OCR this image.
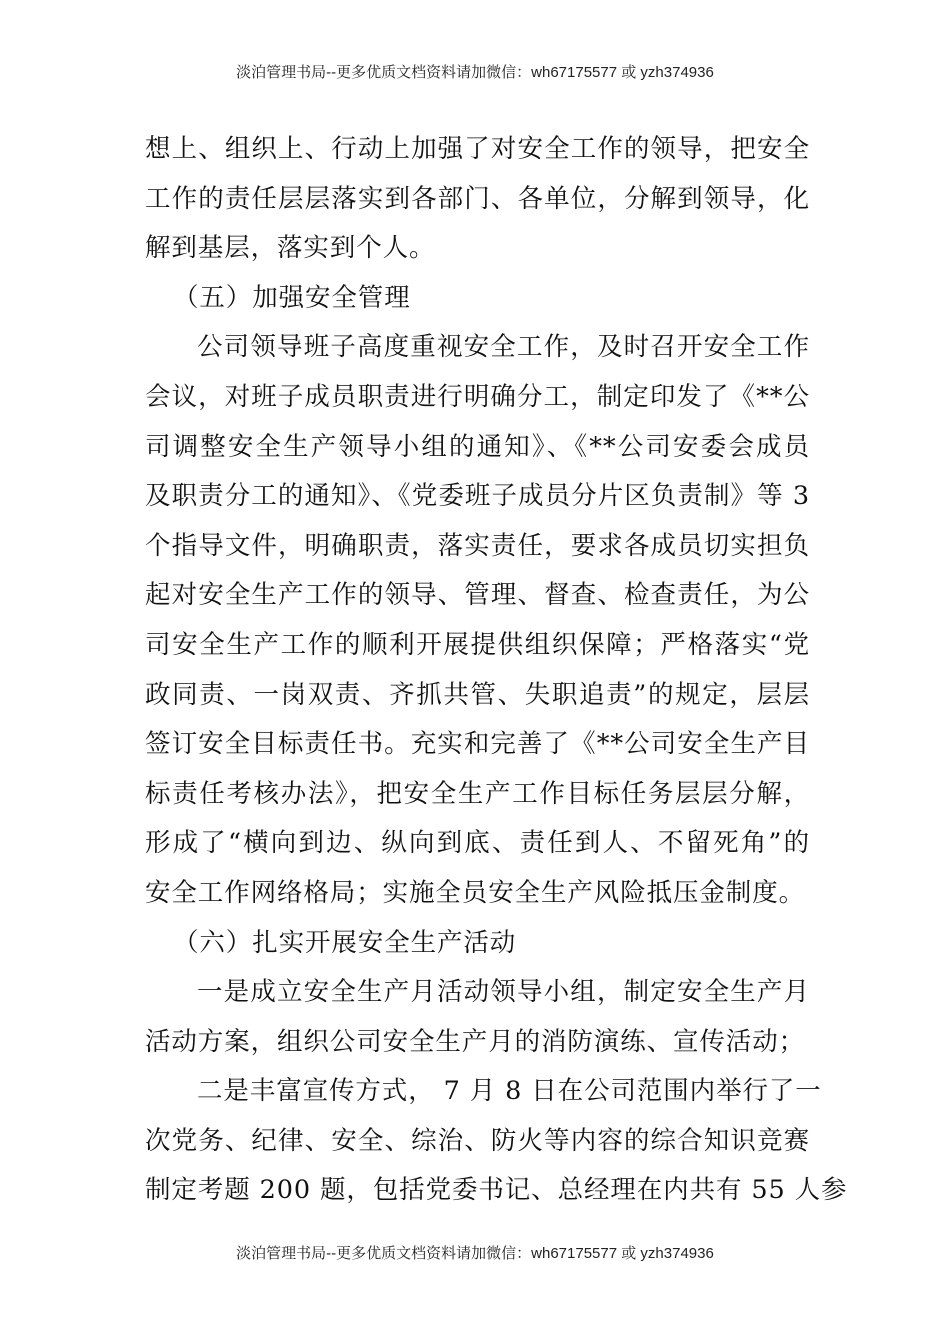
淡泊管理书局--更多优质文档资料请加微信：wh67175577 或 yzh374936
想上、组织上、行动上加强了对安全工作的领导，把安全
工作的责任层层落实到各部门、各单位，分解到领导，化
解到基层，落实到个人。
（五）加强安全管理
公司领导班子高度重视安全工作，及时召开安全工作
会议，对班子成员职责进行明确分工，制定印发了《**公
司调整安全生产领导小组的通知》、《**公司安委会成员
及职责分工的通知》、《党委班子成员分片区负责制》等 3
个指导文件，明确职责，落实责任，要求各成员切实担负
起对安全生产工作的领导、管理、督查、检查责任，为公
司安全生产工作的顺利开展提供组织保障；严格落实“党
政同责、一岗双责、齐抓共管、失职追责”的规定，层层
签订安全目标责任书。充实和完善了《**公司安全生产目
标责任考核办法》，把安全生产工作目标任务层层分解，
形成了“横向到边、纵向到底、责任到人、不留死角”的
安全工作网络格局；实施全员安全生产风险抵压金制度。
（六）扎实开展安全生产活动
一是成立安全生产月活动领导小组，制定安全生产月
活动方案，组织公司安全生产月的消防演练、宣传活动；
二是丰富宣传方式， 7 月 8 日在公司范围内举行了一
次党务、纪律、安全、综治、防火等内容的综合知识竞赛
制定考题 200 题，包括党委书记、总经理在内共有 55 人参
淡泊管理书局--更多优质文档资料请加微信：wh67175577 或 yzh374936
